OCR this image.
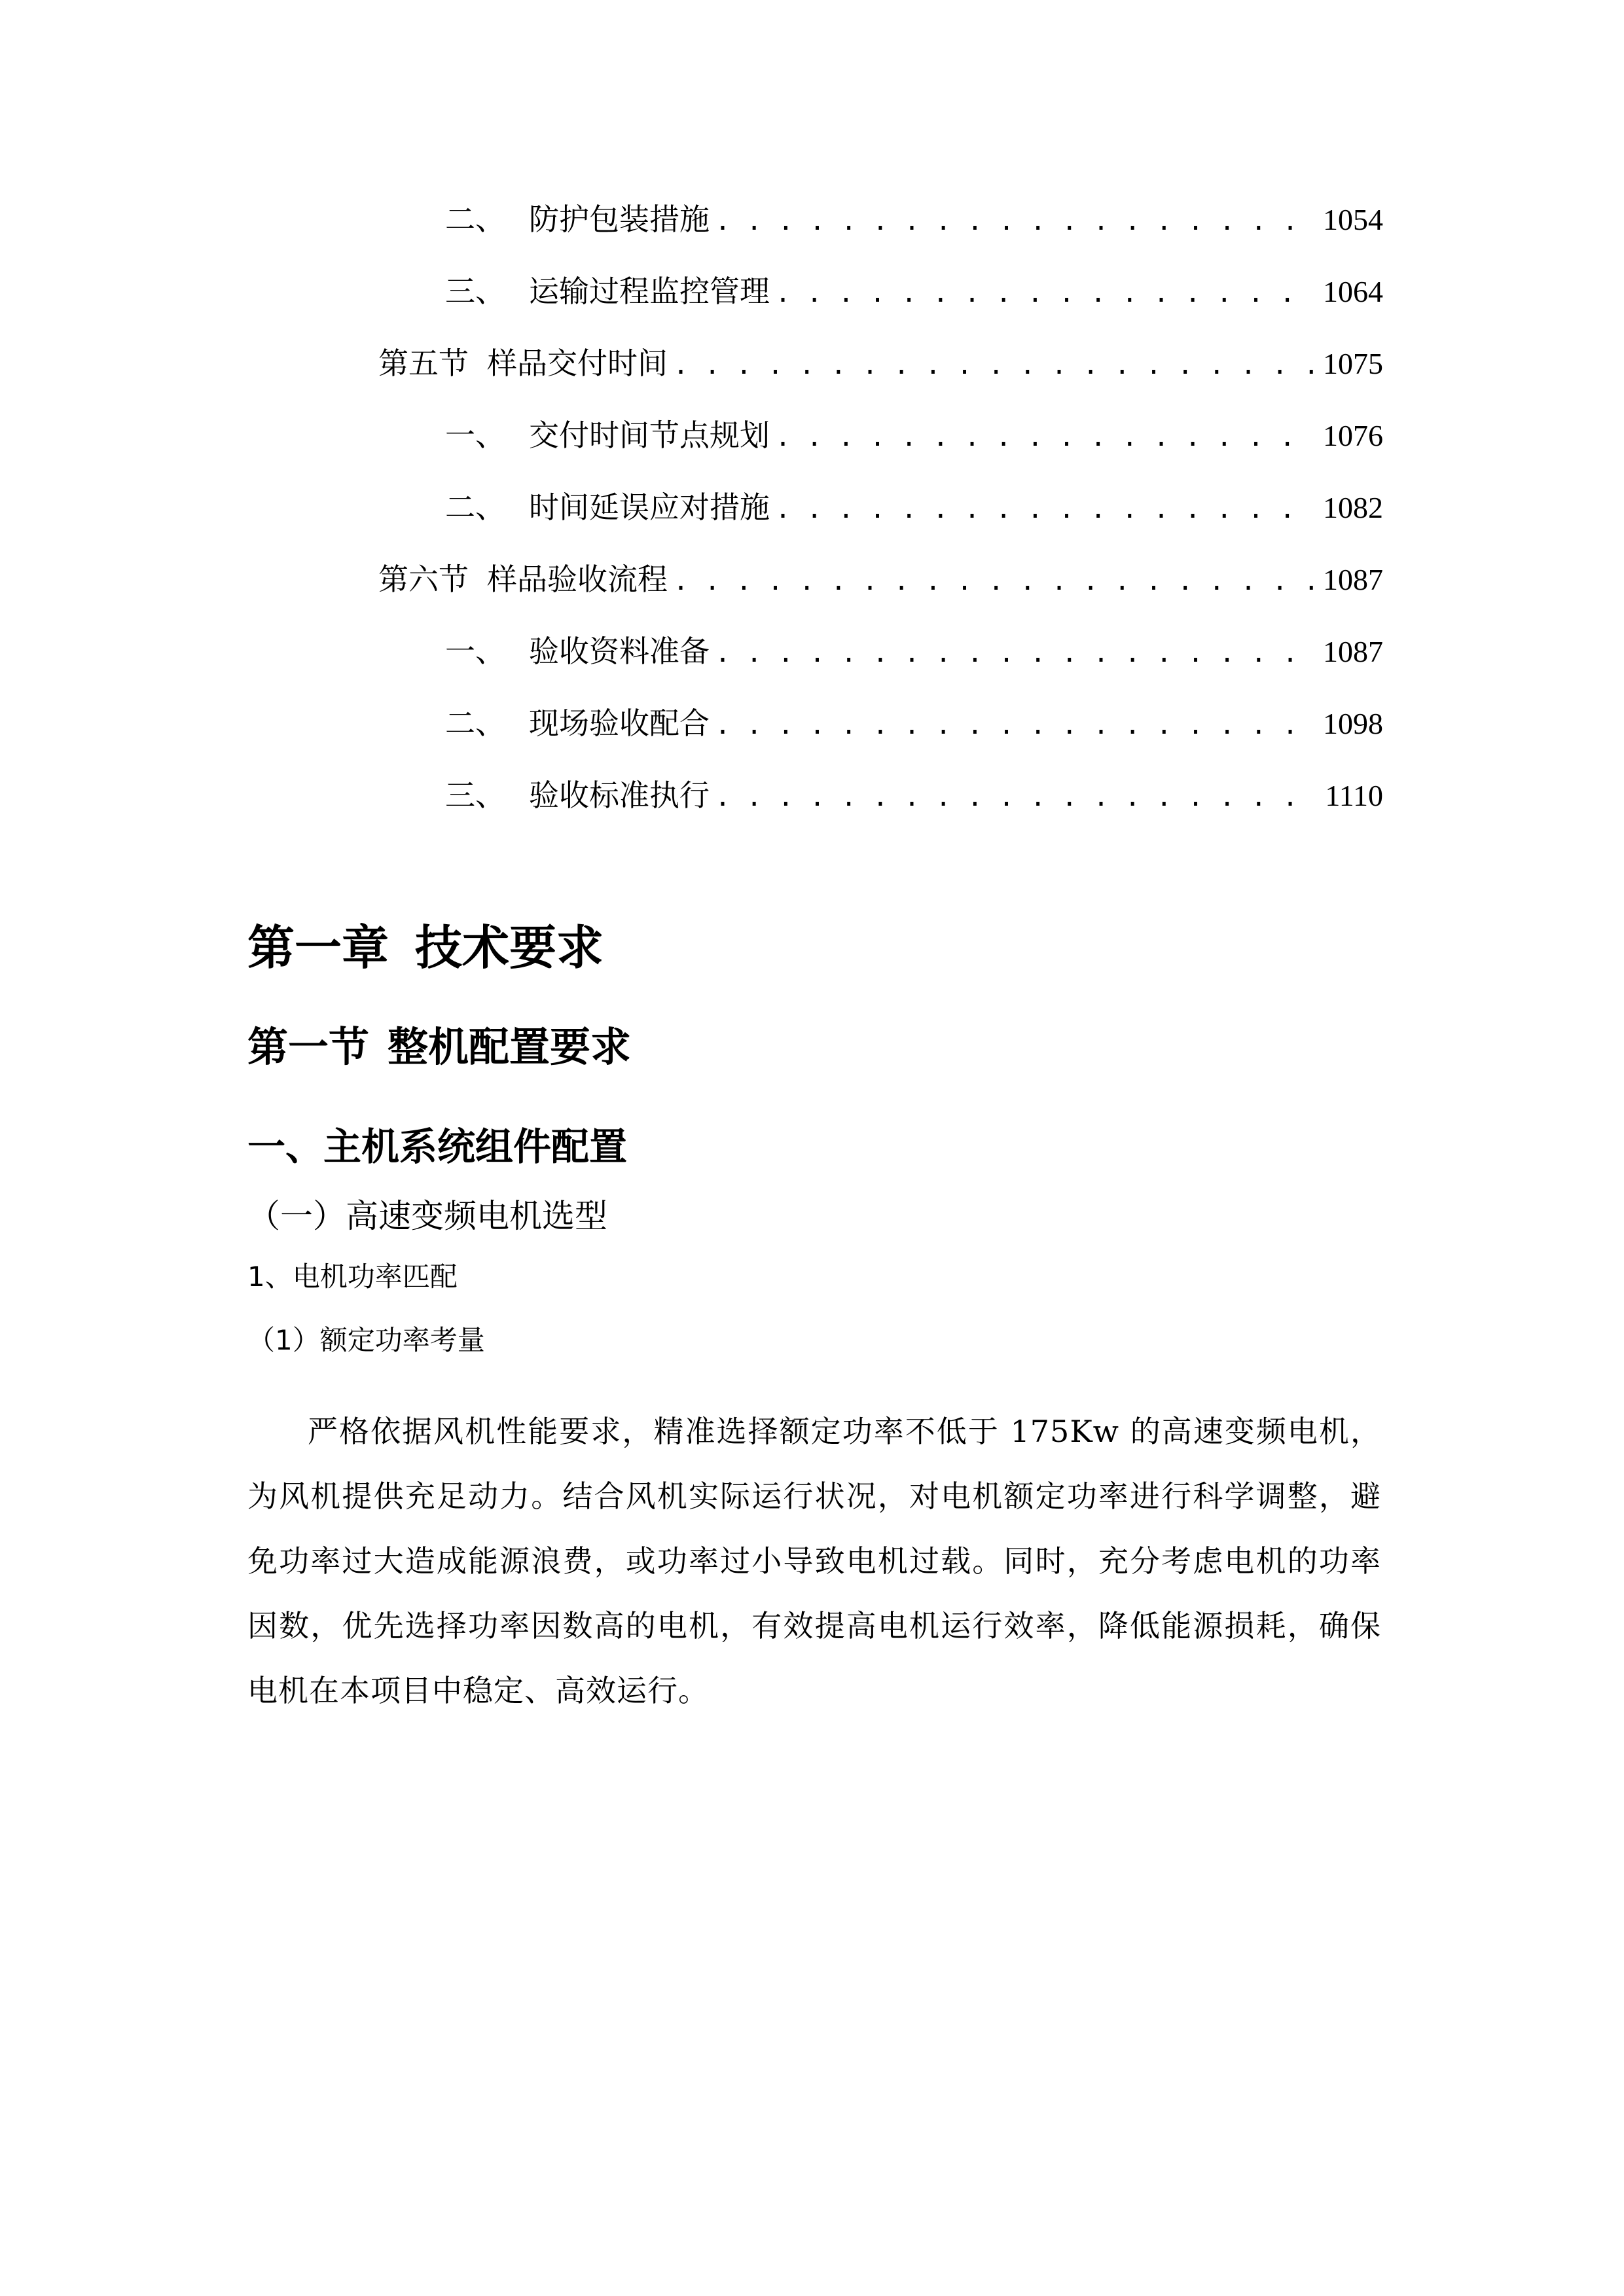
二、 防护包装措施 . . .	1054
三、 运输过程监控管理 . . .	1064
第五节 样品交付时间 . . .	1075
一、 交付时间节点规划 . . .	1076
二、 时间延误应对措施 . . .	1082
第六节 样品验收流程 . . .	1087
一、 验收资料准备 . . .	1087
二、 现场验收配合 . . .	1098
三、 验收标准执行 . . .	1110
第一章 技术要求
第一节 整机配置要求
一、主机系统组件配置
（一）高速变频电机选型
1、电机功率匹配
（1）额定功率考量

严格依据风机性能要求，精准选择额定功率不低于 175Kw 的高速变频电机，为风机提供充足动力。结合风机实际运行状况，对电机额定功率进行科学调整，避免功率过大造成能源浪费，或功率过小导致电机过载。同时，充分考虑电机的功率因数，优先选择功率因数高的电机，有效提高电机运行效率，降低能源损耗，确保电机在本项目中稳定、高效运行。
